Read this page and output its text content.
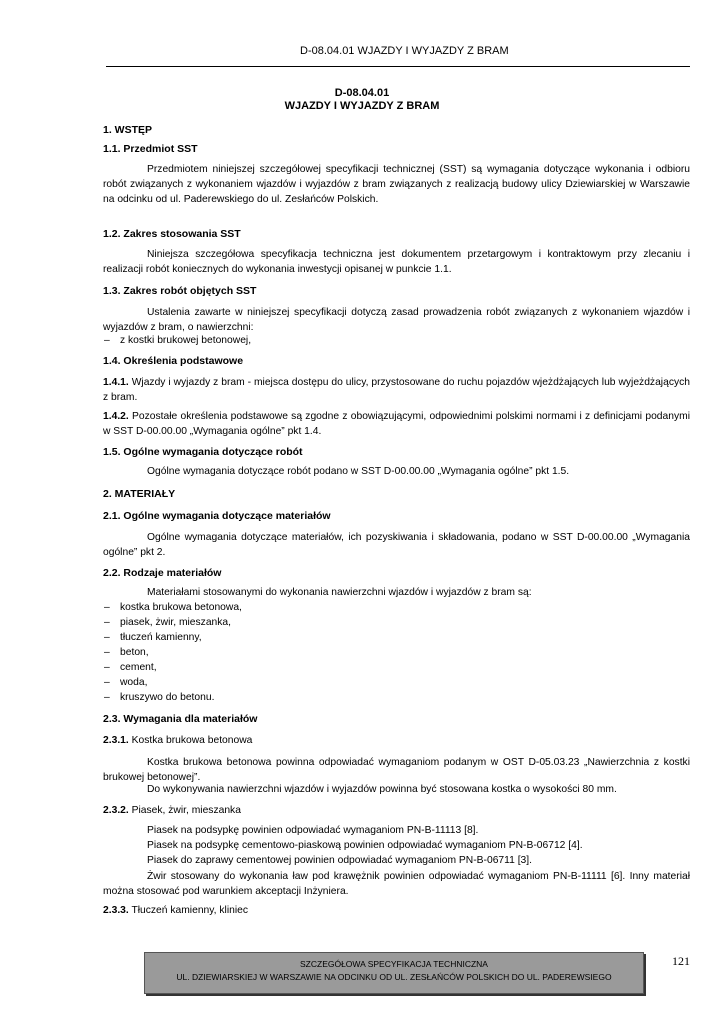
D-08.04.01 WJAZDY I WYJAZDY Z BRAM
D-08.04.01
WJAZDY I WYJAZDY Z BRAM
1. WSTĘP
1.1. Przedmiot SST
Przedmiotem niniejszej szczegółowej specyfikacji technicznej (SST) są wymagania dotyczące wykonania i odbioru robót związanych z wykonaniem wjazdów i wyjazdów z bram związanych z realizacją budowy ulicy Dziewiarskiej w Warszawie na odcinku od ul. Paderewskiego do ul. Zesłańców Polskich.
1.2. Zakres stosowania SST
Niniejsza szczegółowa specyfikacja techniczna jest dokumentem przetargowym i kontraktowym przy zlecaniu i realizacji robót koniecznych do wykonania inwestycji opisanej w punkcie 1.1.
1.3. Zakres robót objętych SST
Ustalenia zawarte w niniejszej specyfikacji dotyczą zasad prowadzenia robót związanych z wykonaniem wjazdów i wyjazdów z bram, o nawierzchni:
– z kostki brukowej betonowej,
1.4. Określenia podstawowe
1.4.1. Wjazdy i wyjazdy z bram - miejsca dostępu do ulicy, przystosowane do ruchu pojazdów wjeżdżających lub wyjeżdżających z bram.
1.4.2. Pozostałe określenia podstawowe są zgodne z obowiązującymi, odpowiednimi polskimi normami i z definicjami podanymi w SST D-00.00.00 „Wymagania ogólne” pkt 1.4.
1.5. Ogólne wymagania dotyczące robót
Ogólne wymagania dotyczące robót podano w SST D-00.00.00 „Wymagania ogólne” pkt 1.5.
2. MATERIAŁY
2.1. Ogólne wymagania dotyczące materiałów
Ogólne wymagania dotyczące materiałów, ich pozyskiwania i składowania, podano w SST D-00.00.00 „Wymagania ogólne” pkt 2.
2.2. Rodzaje materiałów
Materiałami stosowanymi do wykonania nawierzchni wjazdów i wyjazdów z bram są:
– kostka brukowa betonowa,
– piasek, żwir, mieszanka,
– tłuczeń kamienny,
– beton,
– cement,
– woda,
– kruszywo do betonu.
2.3. Wymagania dla materiałów
2.3.1. Kostka brukowa betonowa
Kostka brukowa betonowa powinna odpowiadać wymaganiom podanym w OST D-05.03.23 „Nawierzchnia z kostki brukowej betonowej”.
Do wykonywania nawierzchni wjazdów i wyjazdów powinna być stosowana kostka o wysokości 80 mm.
2.3.2. Piasek, żwir, mieszanka
Piasek na podsypkę powinien odpowiadać wymaganiom PN-B-11113 [8].
Piasek na podsypkę cementowo-piaskową powinien odpowiadać wymaganiom PN-B-06712 [4].
Piasek do zaprawy cementowej powinien odpowiadać wymaganiom PN-B-06711 [3].
Żwir stosowany do wykonania ław pod krawężnik powinien odpowiadać wymaganiom PN-B-11111 [6]. Inny materiał można stosować pod warunkiem akceptacji Inżyniera.
2.3.3. Tłuczeń kamienny, kliniec
SZCZEGÓŁOWA SPECYFIKACJA TECHNICZNA
UL. DZIEWIARSKIEJ W WARSZAWIE NA ODCINKU OD UL. ZESŁAŃCÓW POLSKICH DO UL. PADEREWSIEGO
121
